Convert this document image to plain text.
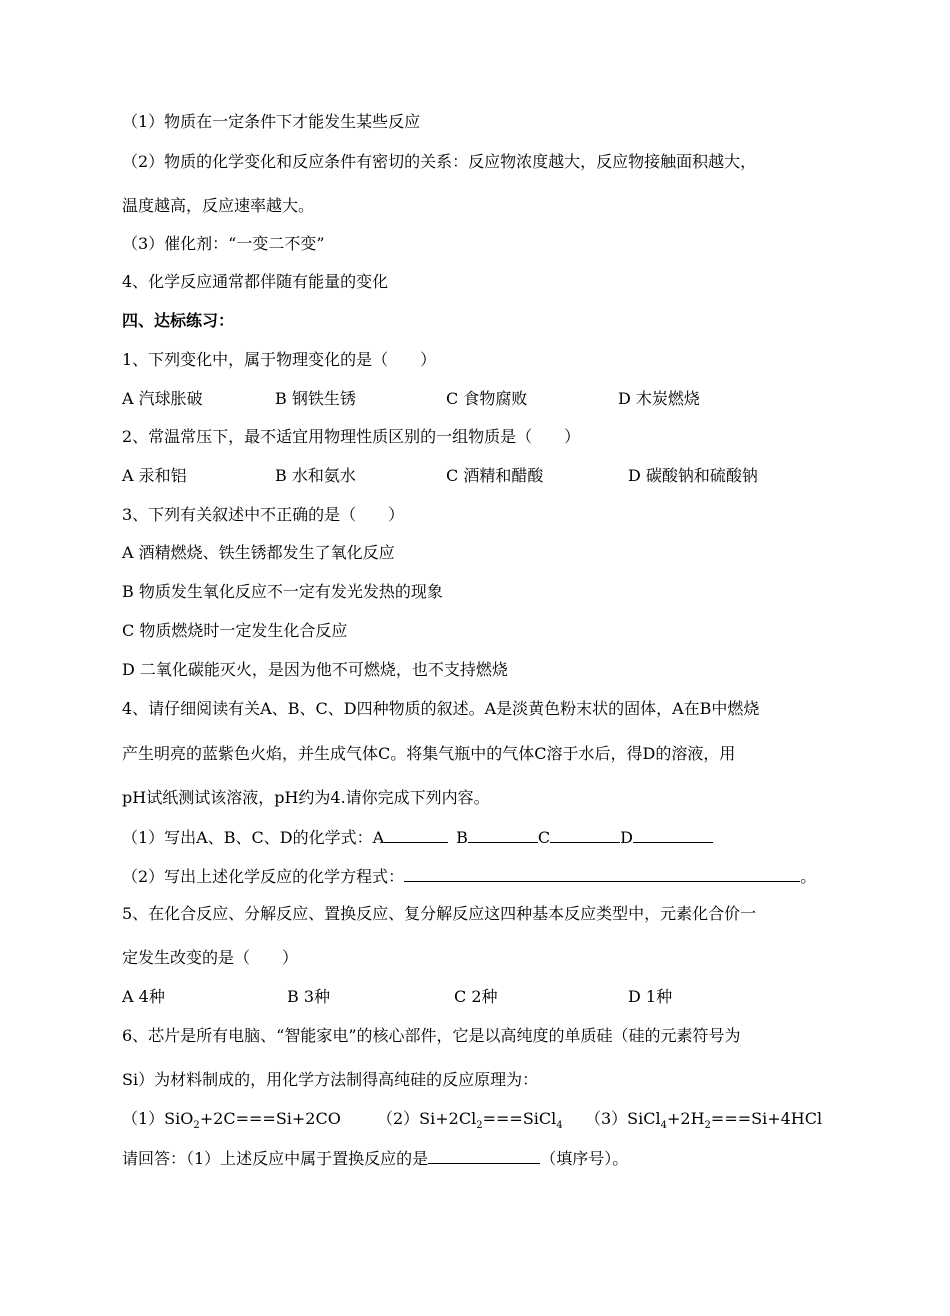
（1）物质在一定条件下才能发生某些反应
（2）物质的化学变化和反应条件有密切的关系：反应物浓度越大，反应物接触面积越大，
温度越高，反应速率越大。
（3）催化剂：“一变二不变”
4、化学反应通常都伴随有能量的变化
四、达标练习：
1、下列变化中，属于物理变化的是（　　）
A 汽球胀破	B 钢铁生锈	C 食物腐败	D 木炭燃烧
2、常温常压下，最不适宜用物理性质区别的一组物质是（　　）
A 汞和铝	B 水和氨水	C 酒精和醋酸	D 碳酸钠和硫酸钠
3、下列有关叙述中不正确的是（　　）
A 酒精燃烧、铁生锈都发生了氧化反应
B 物质发生氧化反应不一定有发光发热的现象
C 物质燃烧时一定发生化合反应
D 二氧化碳能灭火，是因为他不可燃烧，也不支持燃烧
4、请仔细阅读有关A、B、C、D四种物质的叙述。A是淡黄色粉末状的固体，A在B中燃烧
产生明亮的蓝紫色火焰，并生成气体C。将集气瓶中的气体C溶于水后，得D的溶液，用
pH试纸测试该溶液，pH约为4.请你完成下列内容。
（1）写出A、B、C、D的化学式：A	B	C	D
（2）写出上述化学反应的化学方程式：	。
5、在化合反应、分解反应、置换反应、复分解反应这四种基本反应类型中，元素化合价一
定发生改变的是（　　）
A 4种	B 3种	C 2种	D 1种
6、芯片是所有电脑、“智能家电”的核心部件，它是以高纯度的单质硅（硅的元素符号为
Si）为材料制成的，用化学方法制得高纯硅的反应原理为：
（1）SiO$_2$+2C===Si+2CO $(2)Si+2Cl_2===SiCl_4$ $(3)SiCl_4+2H_2===Si+4HCl$
请回答：（1）上述反应中属于置换反应的是	（填序号）。
